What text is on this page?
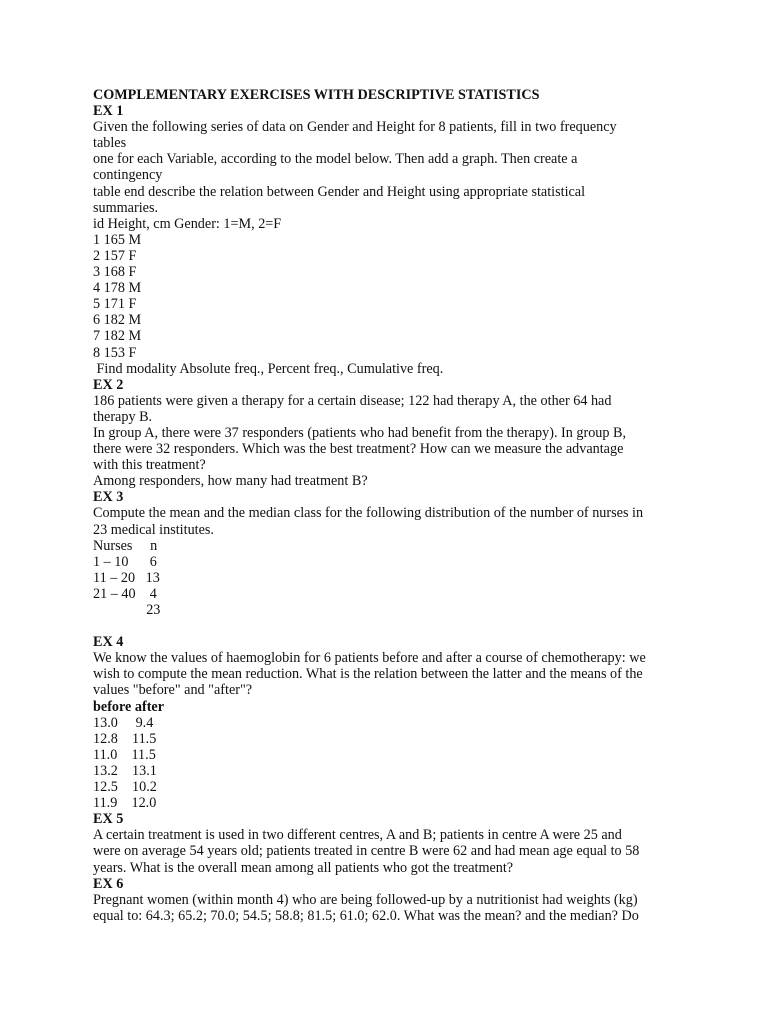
COMPLEMENTARY EXERCISES WITH DESCRIPTIVE STATISTICS
EX 1
Given the following series of data on Gender and Height for 8 patients, fill in two frequency
tables
one for each Variable, according to the model below. Then add a graph. Then create a
contingency
table end describe the relation between Gender and Height using appropriate statistical
summaries.
id Height, cm Gender: 1=M, 2=F
1 165 M
2 157 F
3 168 F
4 178 M
5 171 F
6 182 M
7 182 M
8 153 F
Find modality Absolute freq., Percent freq., Cumulative freq.
EX 2
186 patients were given a therapy for a certain disease; 122 had therapy A, the other 64 had
therapy B.
In group A, there were 37 responders (patients who had benefit from the therapy). In group B,
there were 32 responders. Which was the best treatment? How can we measure the advantage
with this treatment?
Among responders, how many had treatment B?
EX 3
Compute the mean and the median class for the following distribution of the number of nurses in
23 medical institutes.
Nurses     n
1 – 10      6
11 – 20   13
21 – 40    4
23
EX 4
We know the values of haemoglobin for 6 patients before and after a course of chemotherapy: we
wish to compute the mean reduction. What is the relation between the latter and the means of the
values "before" and "after"?
before after
13.0     9.4
12.8    11.5
11.0    11.5
13.2    13.1
12.5    10.2
11.9    12.0
EX 5
A certain treatment is used in two different centres, A and B; patients in centre A were 25 and
were on average 54 years old; patients treated in centre B were 62 and had mean age equal to 58
years. What is the overall mean among all patients who got the treatment?
EX 6
Pregnant women (within month 4) who are being followed-up by a nutritionist had weights (kg)
equal to: 64.3; 65.2; 70.0; 54.5; 58.8; 81.5; 61.0; 62.0. What was the mean? and the median? Do
